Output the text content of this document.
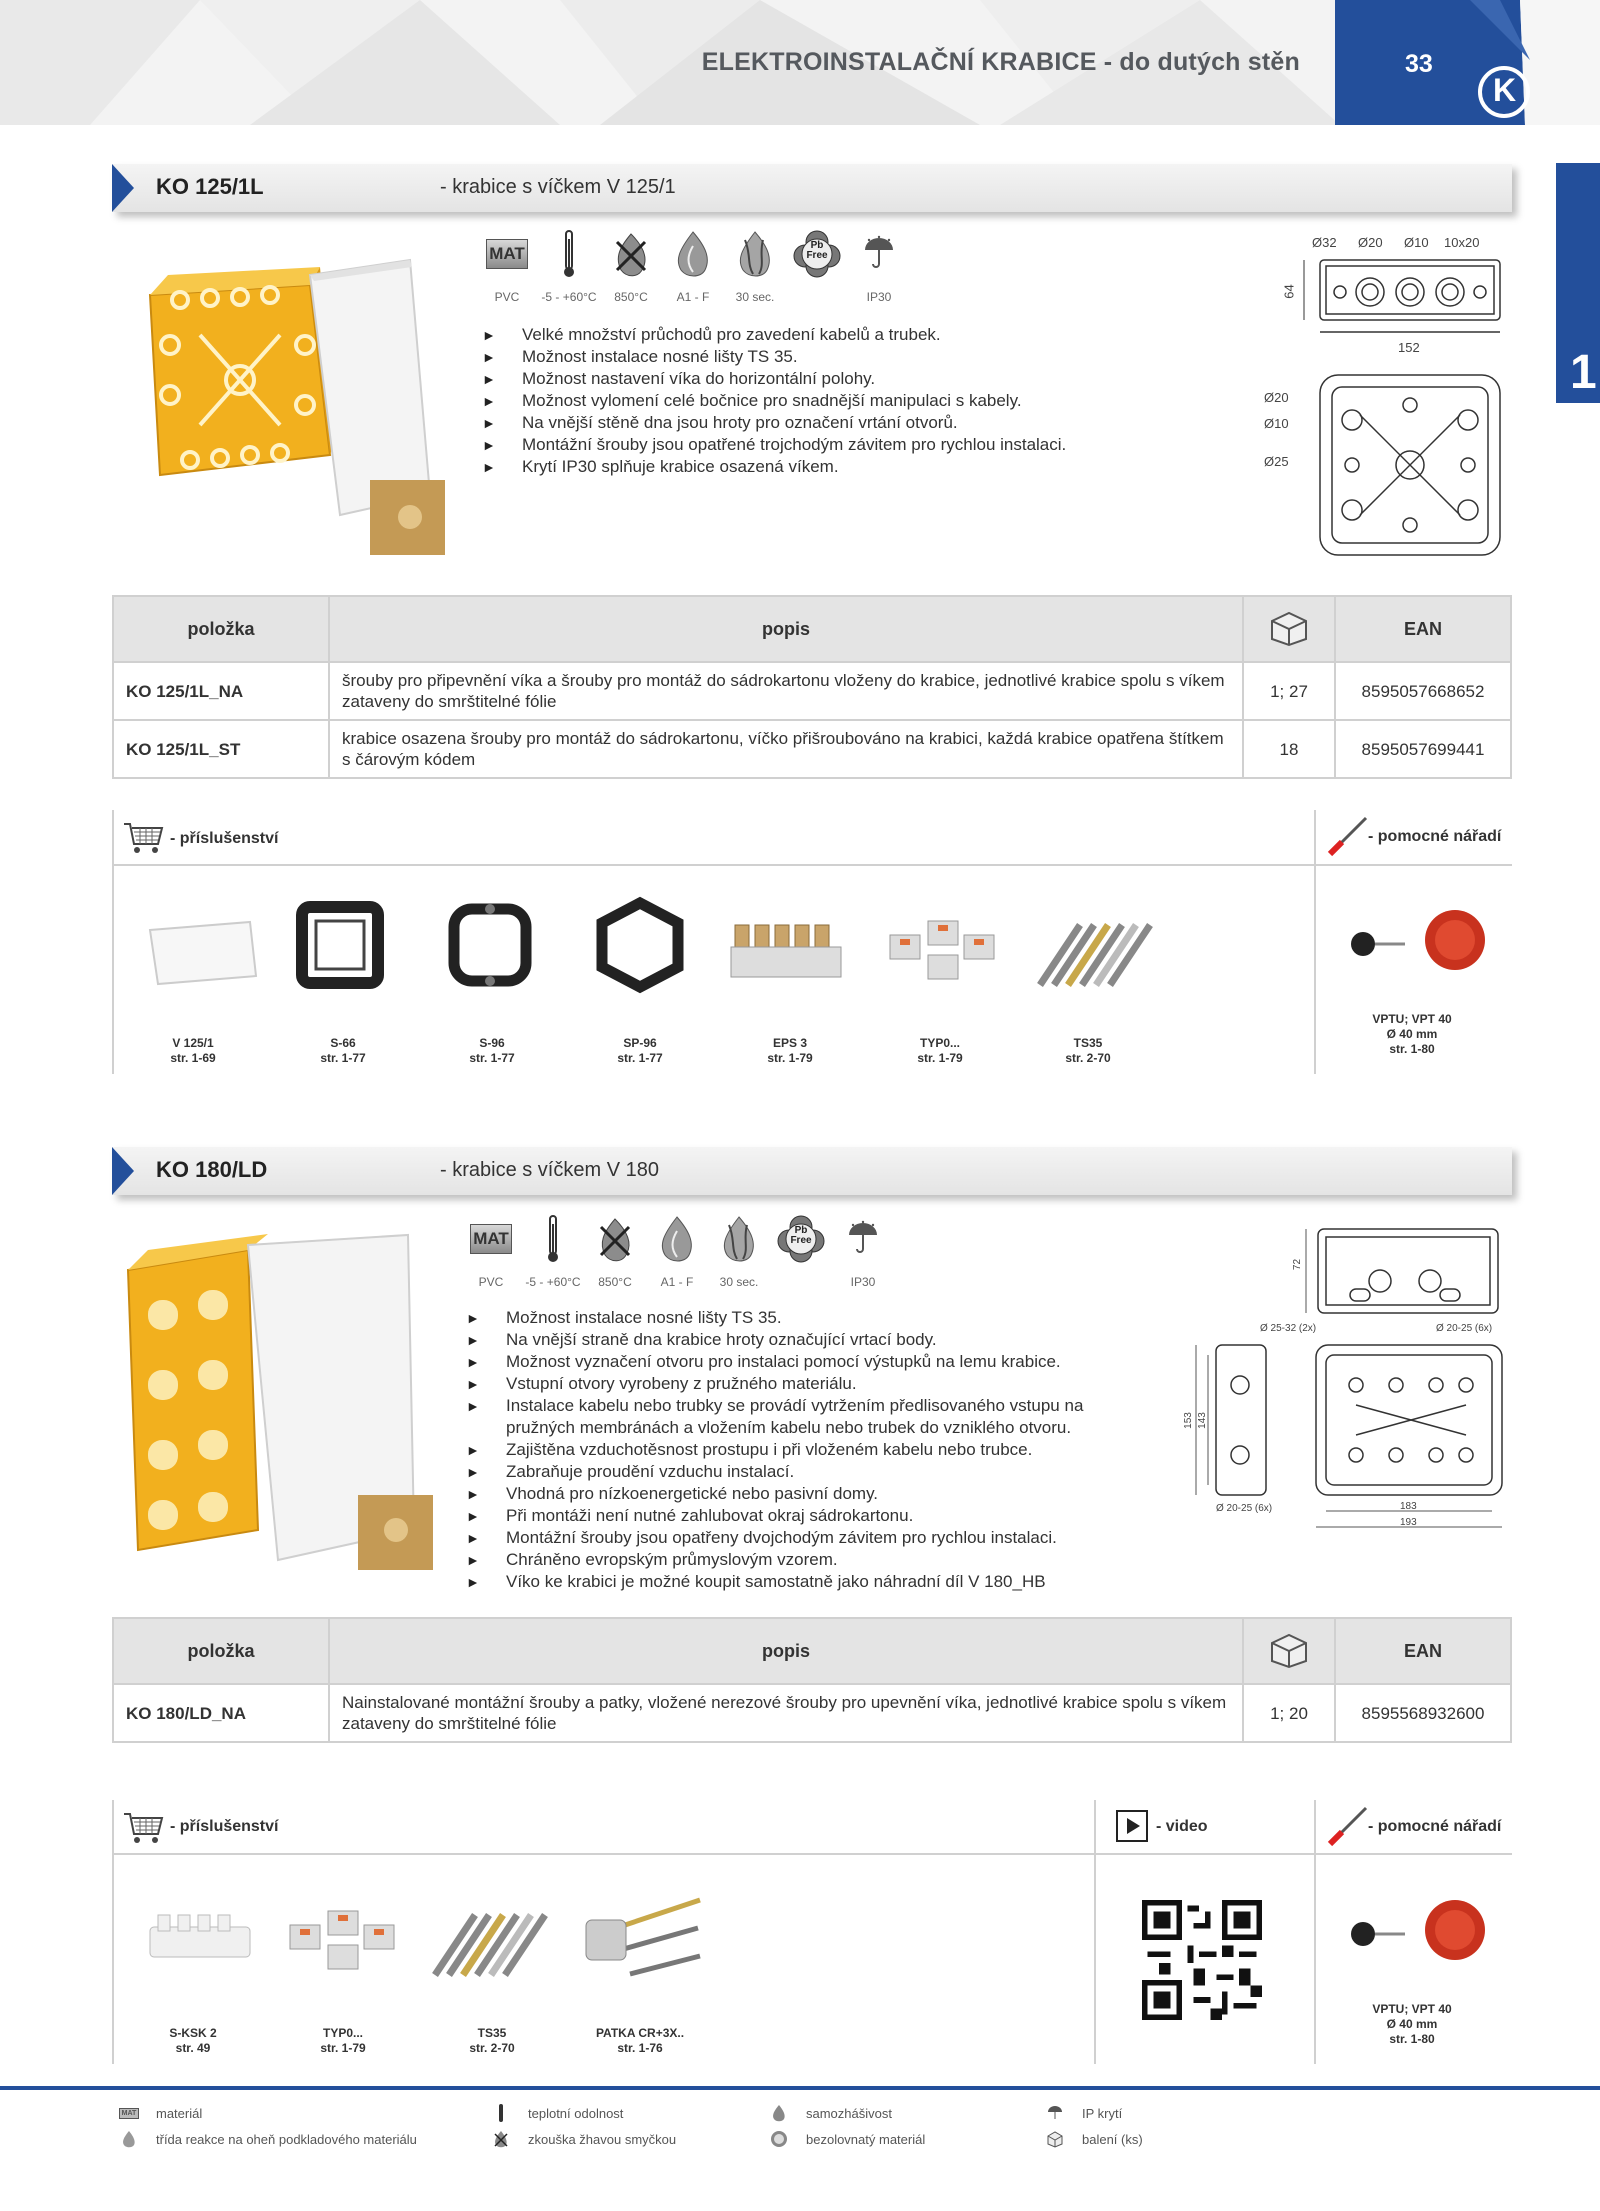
ELEKTROINSTALAČNÍ KRABICE - do dutých stěn	33
K
1
KO 125/1L	- krabice s víčkem V 125/1
MAT
PVC -5 - +60°C 850°C A1 - F 30 sec.
Pb Free
IP30
► Velké množství průchodů pro zavedení kabelů a trubek.
► Možnost instalace nosné lišty TS 35.
► Možnost nastavení víka do horizontální polohy.
► Možnost vylomení celé bočnice pro snadnější manipulaci s kabely.
► Na vnější stěně dna jsou hroty pro označení vrtání otvorů.
► Montážní šrouby jsou opatřené trojchodým závitem pro rychlou instalaci.
► Krytí IP30 splňuje krabice osazená víkem.
Ø32 Ø20 Ø10 10x20
64
152
Ø20
Ø10
Ø25
položka	popis		EAN
KO 125/1L_NA	šrouby pro připevnění víka a šrouby pro montáž do sádrokartonu vloženy do krabice, jednotlivé krabice spolu s víkem zataveny do smrštitelné fólie	1; 27	8595057668652
KO 125/1L_ST	krabice osazena šrouby pro montáž do sádrokartonu, víčko přišroubováno na krabici, každá krabice opatřena štítkem s čárovým kódem	18	8595057699441
- příslušenství	- pomocné nářadí
V 125/1
str. 1-69
S-66
str. 1-77
S-96
str. 1-77
SP-96
str. 1-77
EPS 3
str. 1-79
TYP0...
str. 1-79
TS35
str. 2-70
VPTU; VPT 40
Ø 40 mm
str. 1-80
KO 180/LD	- krabice s víčkem V 180
MAT
PVC -5 - +60°C 850°C A1 - F 30 sec.
Pb Free
IP30
► Možnost instalace nosné lišty TS 35.
► Na vnější straně dna krabice hroty označující vrtací body.
► Možnost vyznačení otvoru pro instalaci pomocí výstupků na lemu krabice.
► Vstupní otvory vyrobeny z pružného materiálu.
► Instalace kabelu nebo trubky se provádí vytržením předlisovaného vstupu na pružných membránách a vložením kabelu nebo trubek do vzniklého otvoru.
► Zajištěna vzduchotěsnost prostupu i při vloženém kabelu nebo trubce.
► Zabraňuje proudění vzduchu instalací.
► Vhodná pro nízkoenergetické nebo pasivní domy.
► Při montáži není nutné zahlubovat okraj sádrokartonu.
► Montážní šrouby jsou opatřeny dvojchodým závitem pro rychlou instalaci.
► Chráněno evropským průmyslovým vzorem.
► Víko ke krabici je možné koupit samostatně jako náhradní díl V 180_HB
72
Ø 25-32 (2x)	Ø 20-25 (6x)
Ø 20-25 (6x)
153 143
183
193
položka	popis		EAN
KO 180/LD_NA	Nainstalované montážní šrouby a patky, vložené nerezové šrouby pro upevnění víka, jednotlivé krabice spolu s víkem zataveny do smrštitelné fólie	1; 20	8595568932600
- příslušenství	- video	- pomocné nářadí
S-KSK 2
str. 49
TYP0...
str. 1-79
TS35
str. 2-70
PATKA CR+3X..
str. 1-76
VPTU; VPT 40
Ø 40 mm
str. 1-80
MAT materiál	teplotní odolnost	samozhášivost	IP krytí
třída reakce na oheň podkladového materiálu	zkouška žhavou smyčkou	bezolovnatý materiál	balení (ks)
